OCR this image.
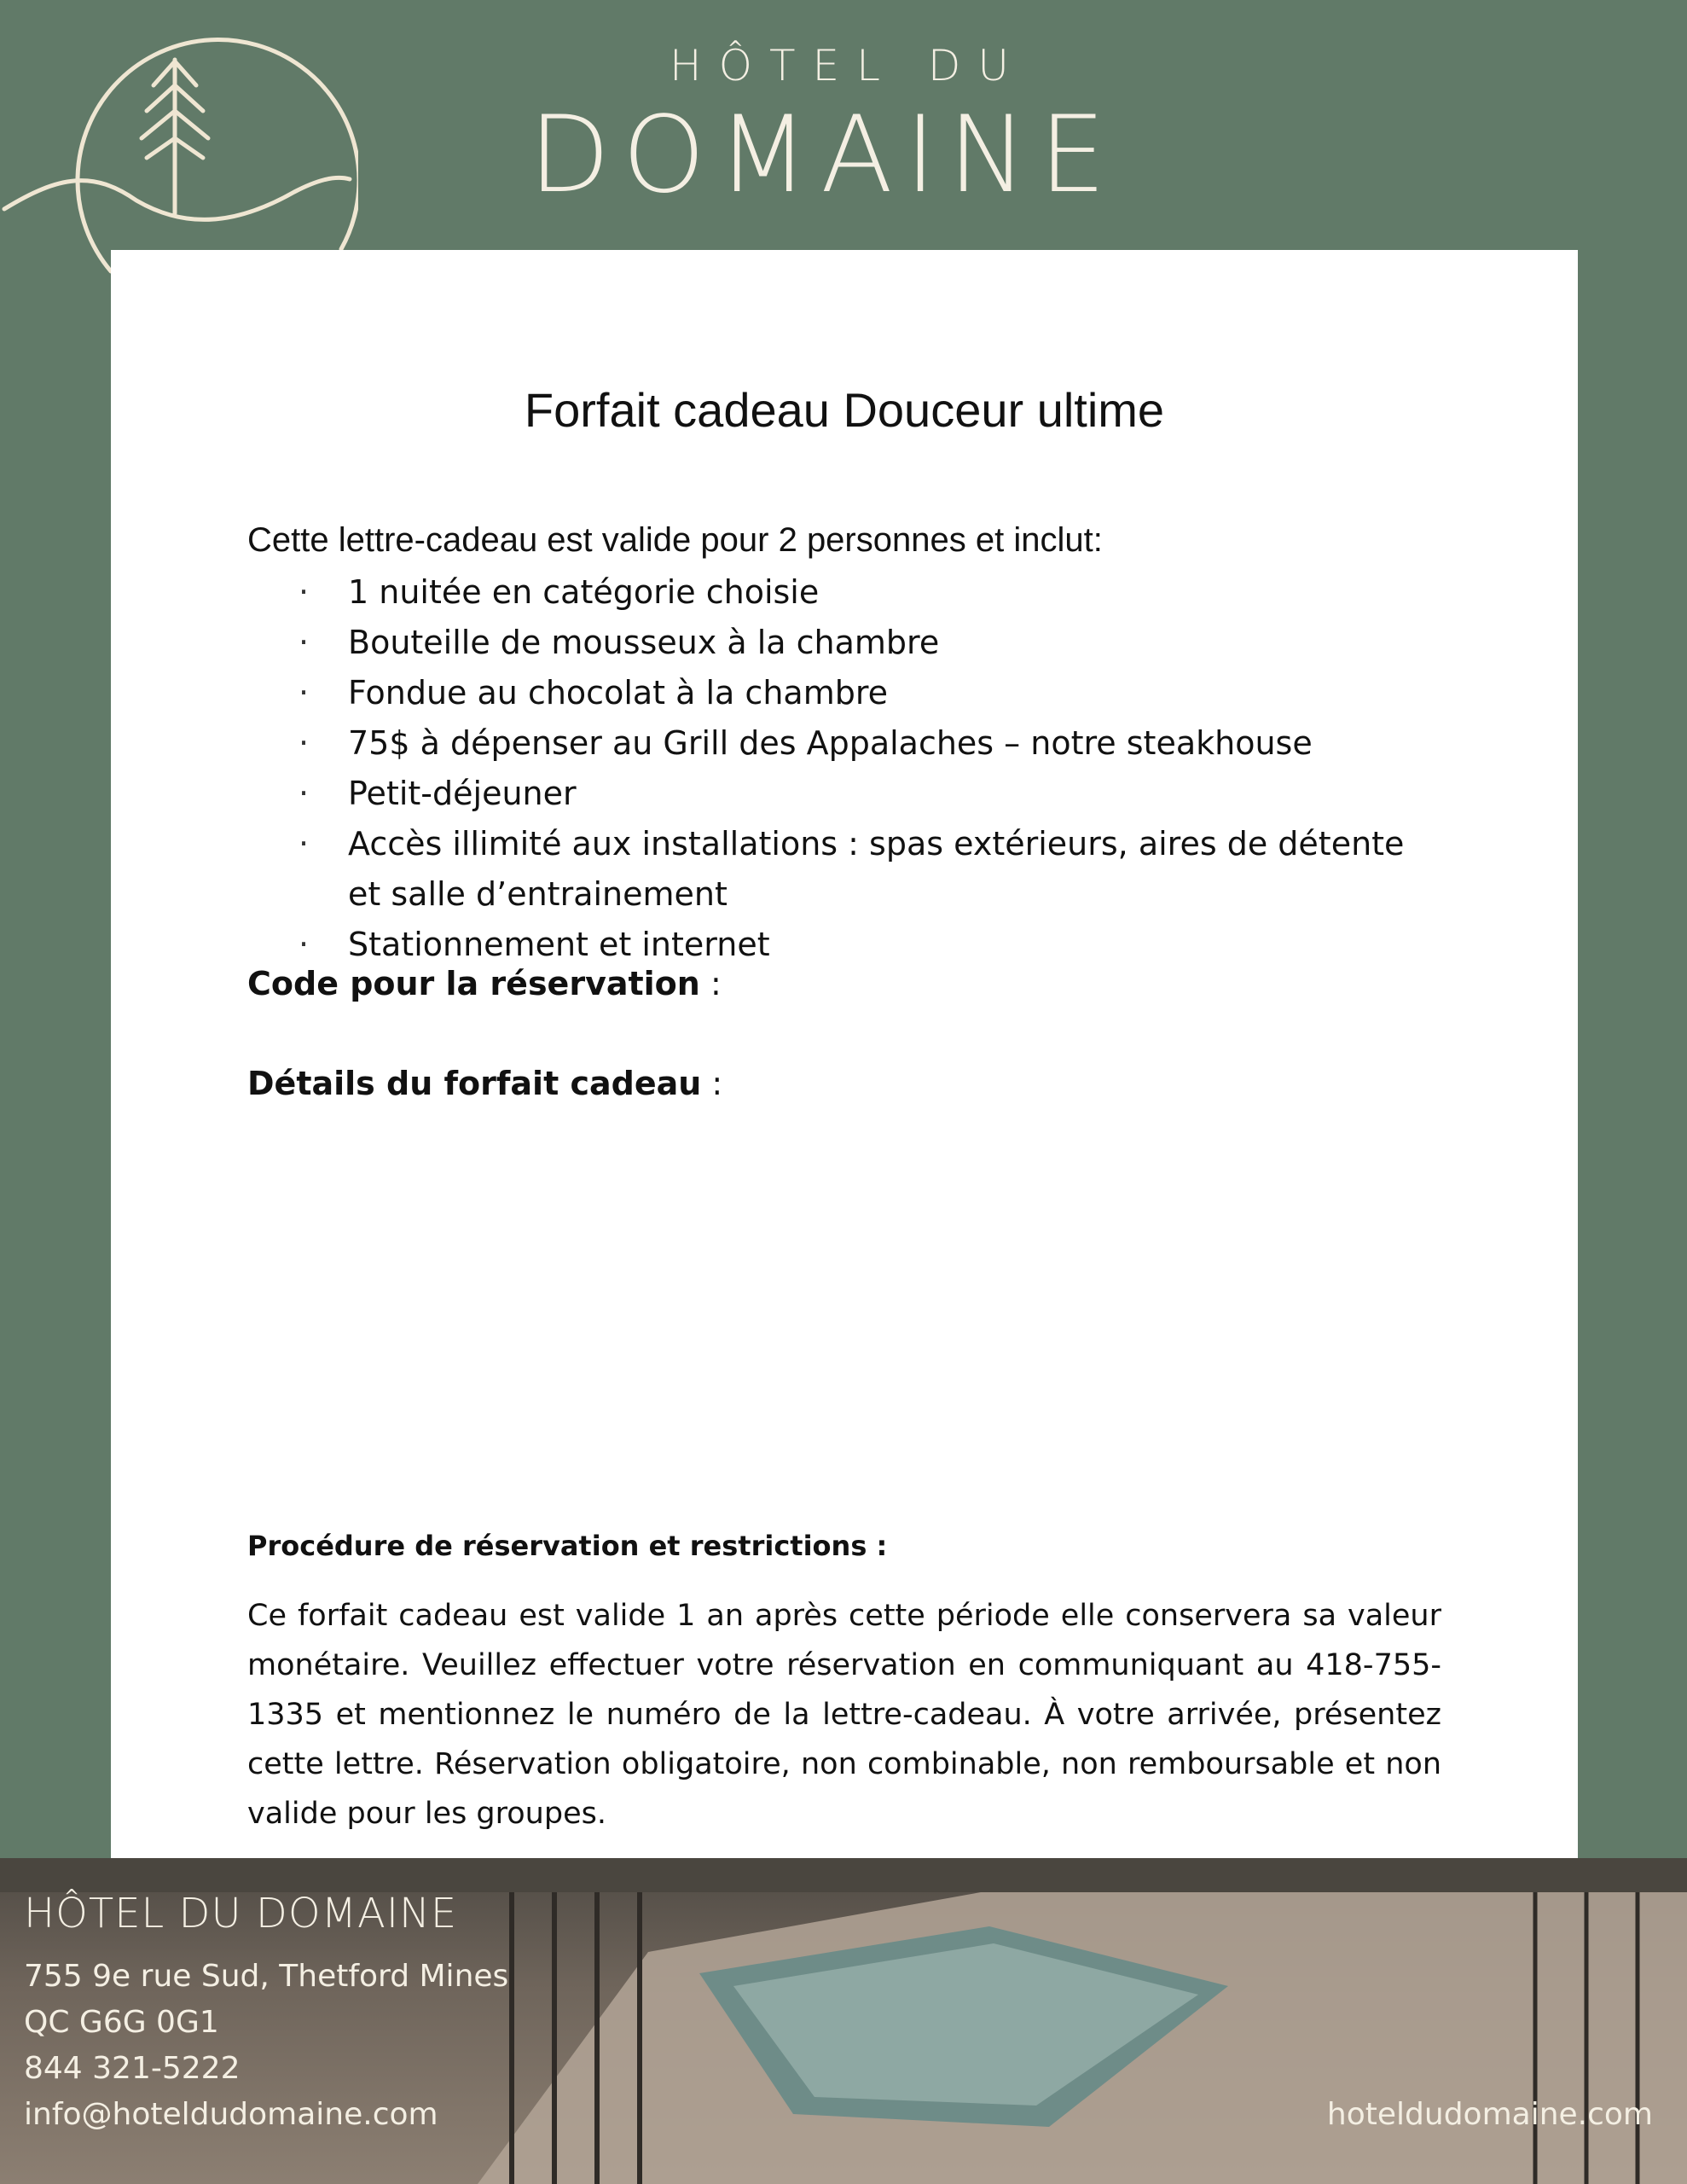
HÔTEL DU
DOMAINE
Forfait cadeau Douceur ultime
Cette lettre-cadeau est valide pour 2 personnes et inclut:
· 1 nuitée en catégorie choisie
· Bouteille de mousseux à la chambre
· Fondue au chocolat à la chambre
· 75$ à dépenser au Grill des Appalaches – notre steakhouse
· Petit-déjeuner
· Accès illimité aux installations : spas extérieurs, aires de détente et salle d’entrainement
· Stationnement et internet
Code pour la réservation :
Détails du forfait cadeau :
Procédure de réservation et restrictions :

Ce forfait cadeau est valide 1 an après cette période elle conservera sa valeur monétaire. Veuillez effectuer votre réservation en communiquant au 418-755-1335 et mentionnez le numéro de la lettre-cadeau. À votre arrivée, présentez cette lettre. Réservation obligatoire, non combinable, non remboursable et non valide pour les groupes.

HÔTEL DU DOMAINE
755 9e rue Sud, Thetford Mines
QC G6G 0G1
844 321-5222
info@hoteldudomaine.com	hoteldudomaine.com
